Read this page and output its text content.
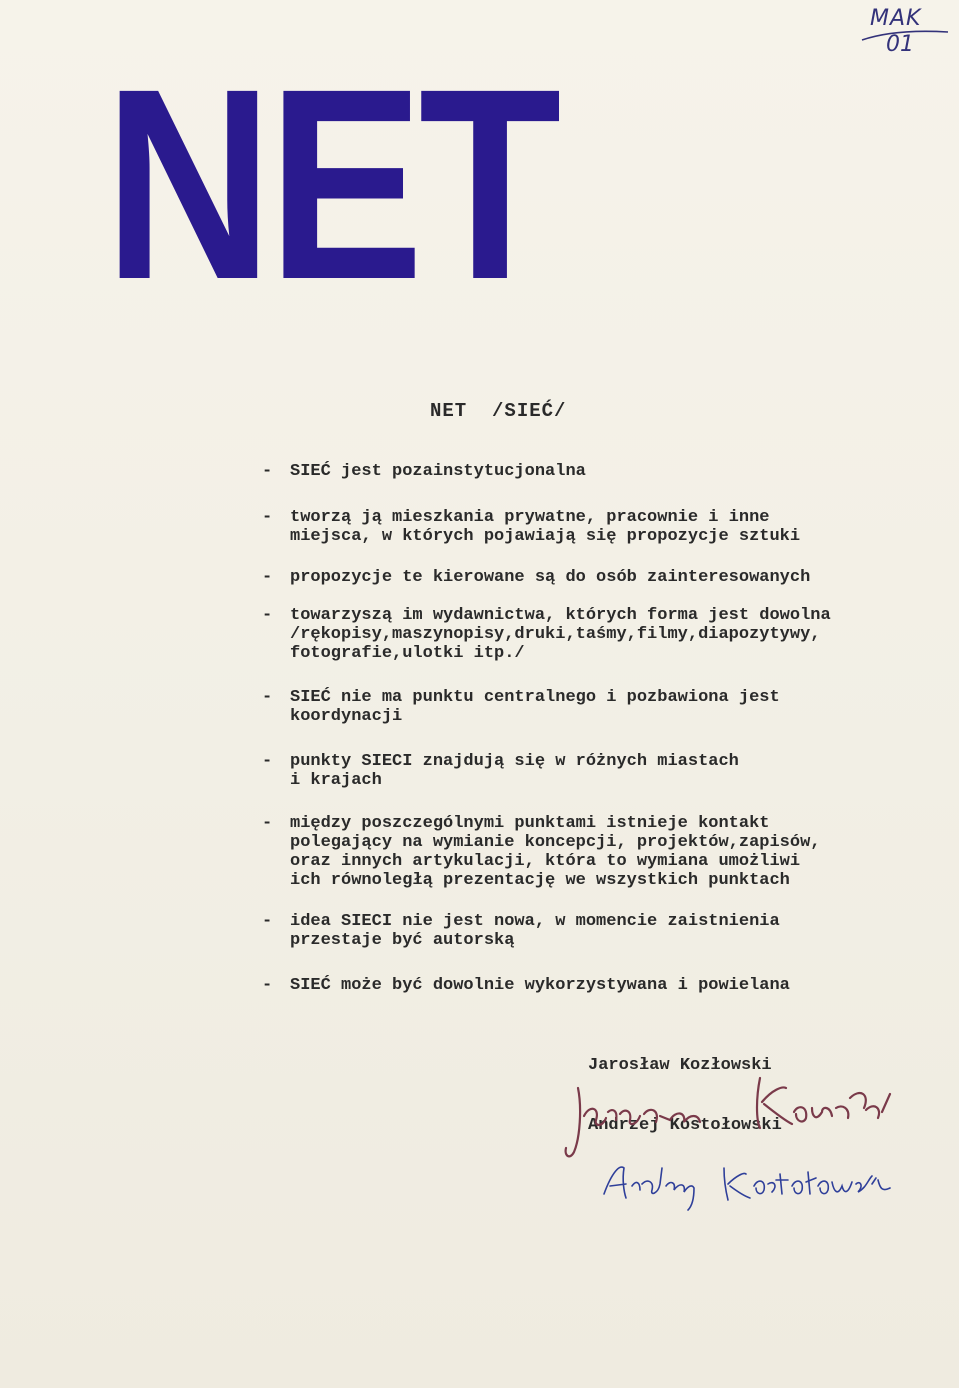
NET
MAK
01
NET  /SIEĆ/
- SIEĆ jest pozainstytucjonalna
- tworzą ją mieszkania prywatne, pracownie i inne
miejsca, w których pojawiają się propozycje sztuki
- propozycje te kierowane są do osób zainteresowanych
- towarzyszą im wydawnictwa, których forma jest dowolna
/rękopisy,maszynopisy,druki,taśmy,filmy,diapozytywy,
fotografie,ulotki itp./
- SIEĆ nie ma punktu centralnego i pozbawiona jest
koordynacji
- punkty SIECI znajdują się w różnych miastach
i krajach
- między poszczególnymi punktami istnieje kontakt
polegający na wymianie koncepcji, projektów,zapisów,
oraz innych artykulacji, która to wymiana umożliwi
ich równoległą prezentację we wszystkich punktach
- idea SIECI nie jest nowa, w momencie zaistnienia
przestaje być autorską
- SIEĆ może być dowolnie wykorzystywana i powielana

Jarosław Kozłowski

Andrzej Kostołowski
